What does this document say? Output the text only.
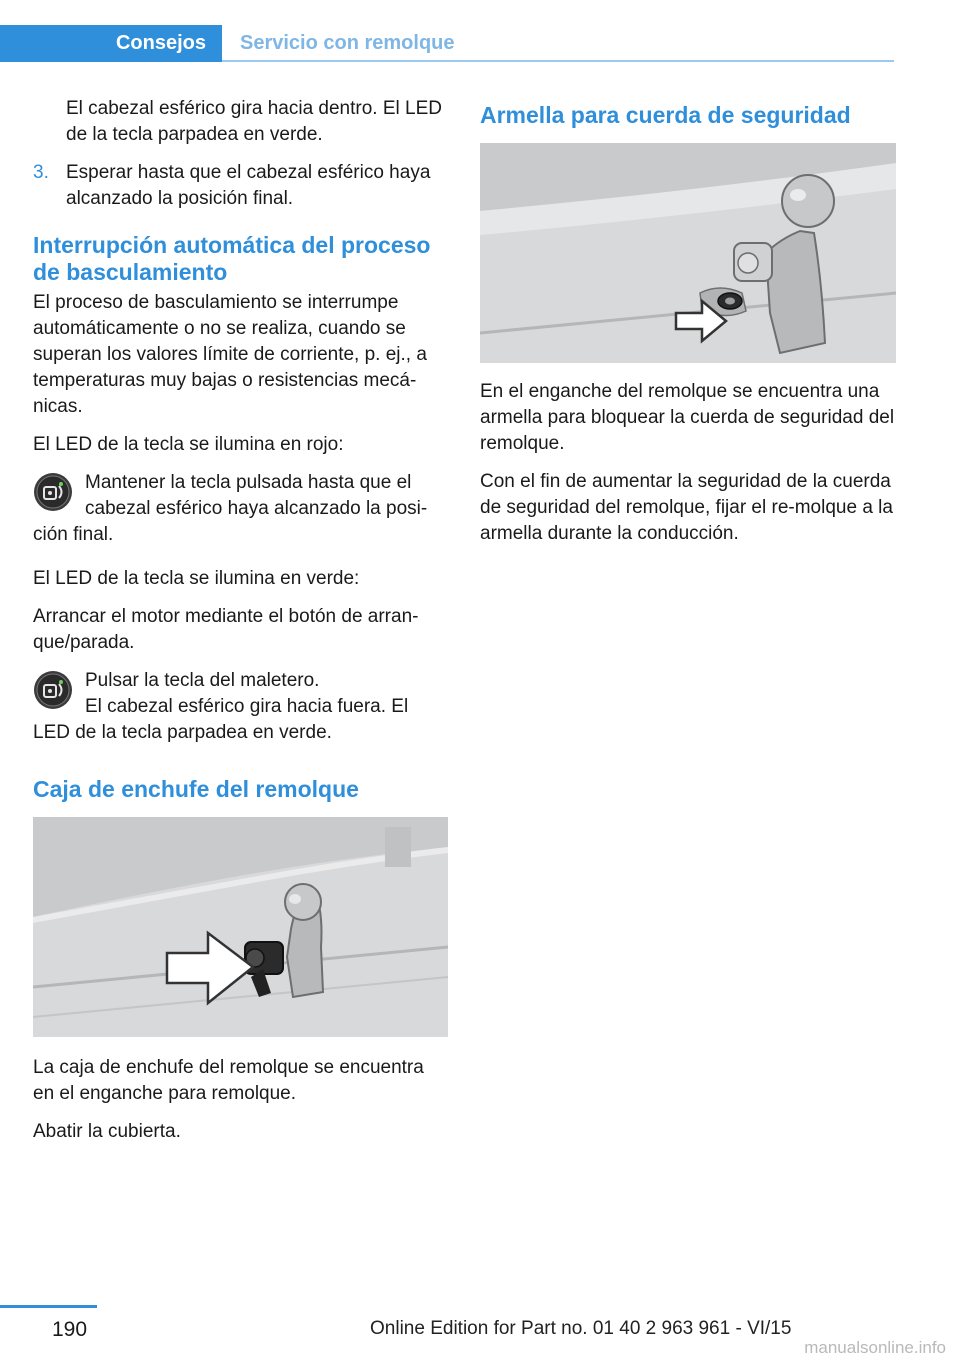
Consejos	Servicio con remolque

El cabezal esférico gira hacia dentro. El LED de la tecla parpadea en verde.

3. Esperar hasta que el cabezal esférico haya alcanzado la posición final.
Interrupción automática del proceso de basculamiento

El proceso de basculamiento se interrumpe automáticamente o no se realiza, cuando se superan los valores límite de corriente, p. ej., a temperaturas muy bajas o resistencias mecá‐nicas.

El LED de la tecla se ilumina en rojo:

Mantener la tecla pulsada hasta que el cabezal esférico haya alcanzado la posi‐ción final.

El LED de la tecla se ilumina en verde:

Arrancar el motor mediante el botón de arran‐que/parada.

Pulsar la tecla del maletero.
El cabezal esférico gira hacia fuera. El LED de la tecla parpadea en verde.
Caja de enchufe del remolque

La caja de enchufe del remolque se encuentra en el enganche para remolque.

Abatir la cubierta.

Armella para cuerda de seguridad

En el enganche del remolque se encuentra una armella para bloquear la cuerda de seguridad del remolque.

Con el fin de aumentar la seguridad de la cuerda de seguridad del remolque, fijar el re‐molque a la armella durante la conducción.

190	Online Edition for Part no. 01 40 2 963 961 - VI/15
manualsonline.info
